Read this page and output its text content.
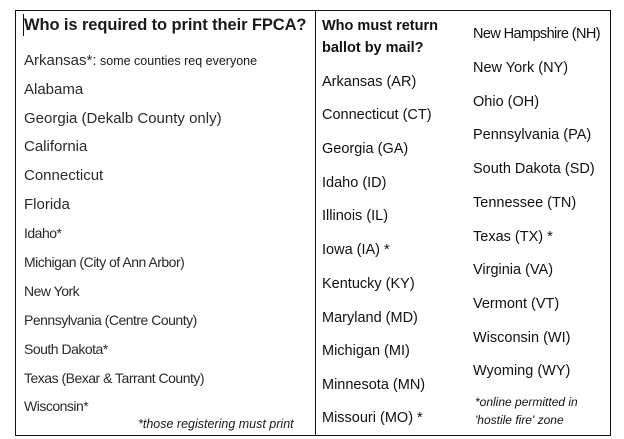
Who is required to print their FPCA?
Arkansas*: some counties req everyone
Alabama
Georgia (Dekalb County only)
California
Connecticut
Florida
Idaho*
Michigan (City of Ann Arbor)
New York
Pennsylvania (Centre County)
South Dakota*
Texas (Bexar & Tarrant County)
Wisconsin*
*those registering must print
Who must return
ballot by mail?
Arkansas (AR)
Connecticut (CT)
Georgia (GA)
Idaho (ID)
Illinois (IL)
Iowa (IA) *
Kentucky (KY)
Maryland (MD)
Michigan (MI)
Minnesota (MN)
Missouri (MO) *
New Hampshire (NH)
New York (NY)
Ohio (OH)
Pennsylvania (PA)
South Dakota (SD)
Tennessee (TN)
Texas (TX) *
Virginia (VA)
Vermont (VT)
Wisconsin (WI)
Wyoming (WY)
*online permitted in
'hostile fire' zone
